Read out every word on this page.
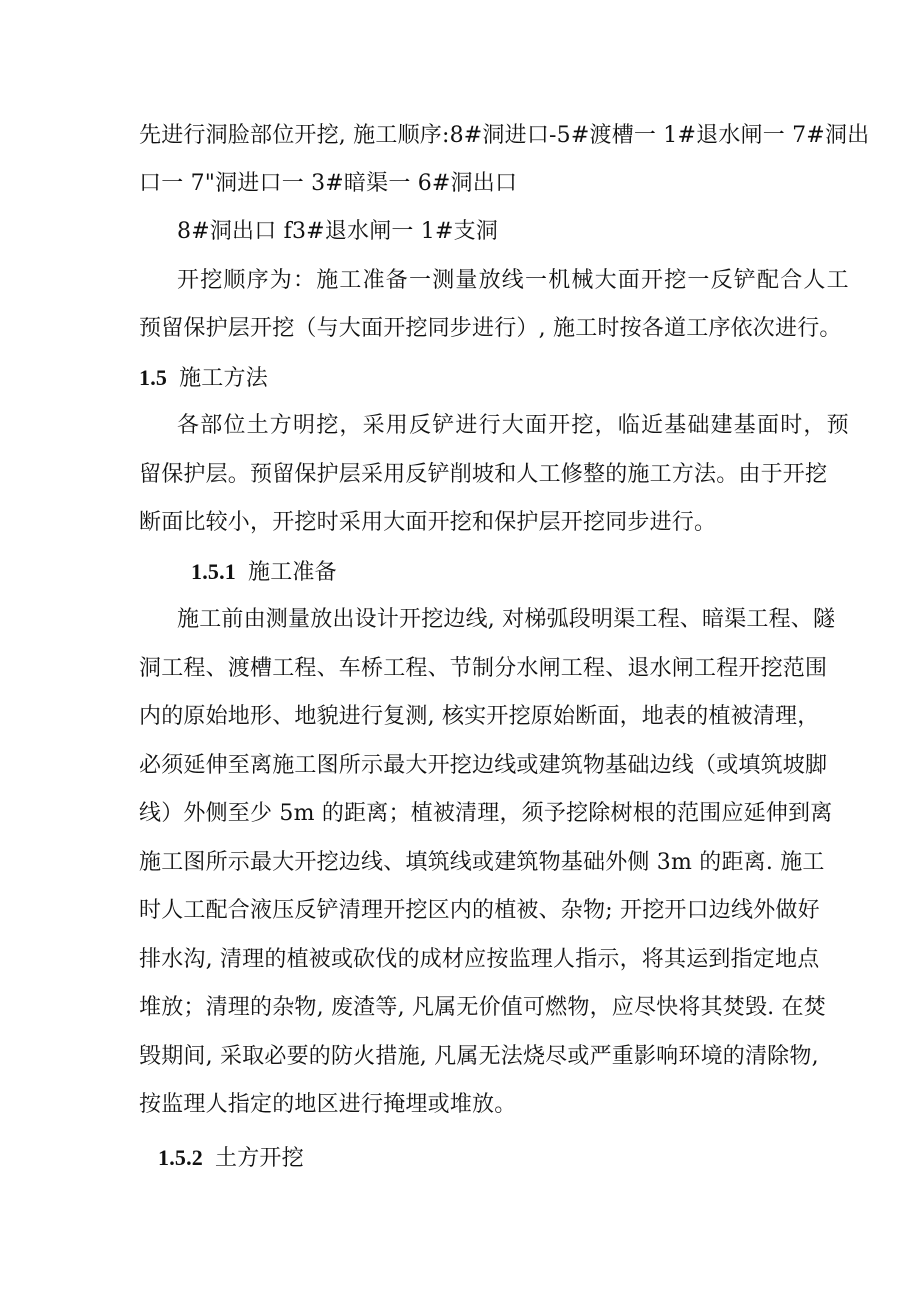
先进行洞脸部位开挖, 施工顺序:8#洞进口-5#渡槽一 1#退水闸一 7#洞出
口一 7"洞进口一 3#暗渠一 6#洞出口
8#洞出口 f3#退水闸一 1#支洞
开挖顺序为：施工准备一测量放线一机械大面开挖一反铲配合人工
预留保护层开挖（与大面开挖同步进行）, 施工时按各道工序依次进行。
1.5 施工方法
各部位土方明挖，采用反铲进行大面开挖，临近基础建基面时，预
留保护层。预留保护层采用反铲削坡和人工修整的施工方法。由于开挖
断面比较小，开挖时采用大面开挖和保护层开挖同步进行。
1.5.1 施工准备
施工前由测量放出设计开挖边线, 对梯弧段明渠工程、暗渠工程、隧
洞工程、渡槽工程、车桥工程、节制分水闸工程、退水闸工程开挖范围
内的原始地形、地貌进行复测, 核实开挖原始断面，地表的植被清理，
必须延伸至离施工图所示最大开挖边线或建筑物基础边线（或填筑坡脚
线）外侧至少 5m 的距离；植被清理，须予挖除树根的范围应延伸到离
施工图所示最大开挖边线、填筑线或建筑物基础外侧 3m 的距离. 施工
时人工配合液压反铲清理开挖区内的植被、杂物; 开挖开口边线外做好
排水沟, 清理的植被或砍伐的成材应按监理人指示，将其运到指定地点
堆放；清理的杂物, 废渣等, 凡属无价值可燃物，应尽快将其焚毁. 在焚
毁期间, 采取必要的防火措施, 凡属无法烧尽或严重影响环境的清除物,
按监理人指定的地区进行掩埋或堆放。
1.5.2 土方开挖
